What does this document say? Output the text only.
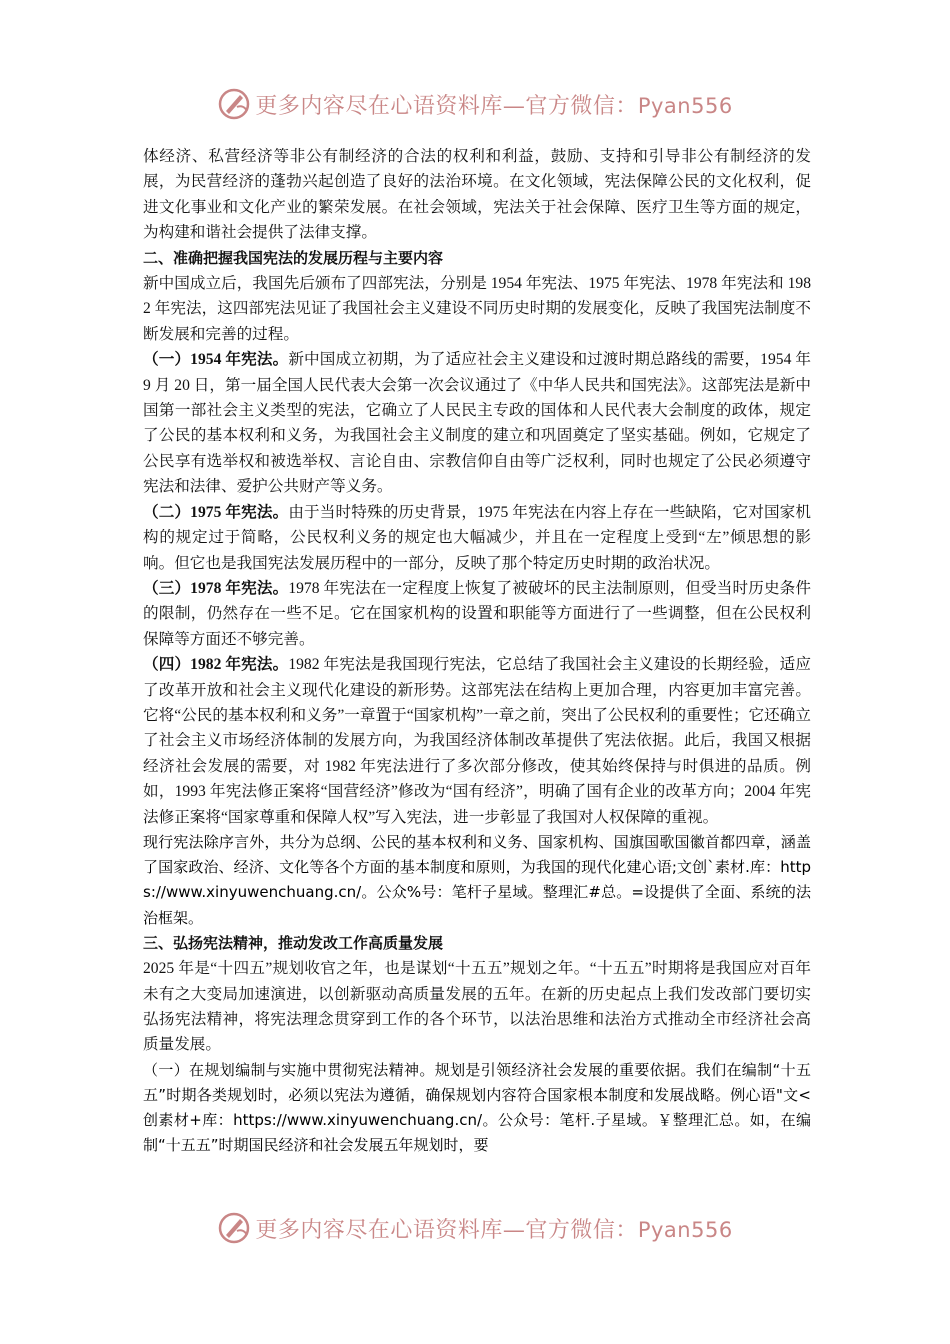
更多内容尽在心语资料库—官方微信：Pyan556

体经济、私营经济等非公有制经济的合法的权利和利益，鼓励、支持和引导非公有制经济的发展，为民营经济的蓬勃兴起创造了良好的法治环境。在文化领域，宪法保障公民的文化权利，促进文化事业和文化产业的繁荣发展。在社会领域，宪法关于社会保障、医疗卫生等方面的规定，为构建和谐社会提供了法律支撑。

二、准确把握我国宪法的发展历程与主要内容

新中国成立后，我国先后颁布了四部宪法，分别是 1954 年宪法、1975 年宪法、1978 年宪法和 1982 年宪法，这四部宪法见证了我国社会主义建设不同历史时期的发展变化，反映了我国宪法制度不断发展和完善的过程。

（一）1954 年宪法。新中国成立初期，为了适应社会主义建设和过渡时期总路线的需要，1954 年 9 月 20 日，第一届全国人民代表大会第一次会议通过了《中华人民共和国宪法》。这部宪法是新中国第一部社会主义类型的宪法，它确立了人民民主专政的国体和人民代表大会制度的政体，规定了公民的基本权利和义务，为我国社会主义制度的建立和巩固奠定了坚实基础。例如，它规定了公民享有选举权和被选举权、言论自由、宗教信仰自由等广泛权利，同时也规定了公民必须遵守宪法和法律、爱护公共财产等义务。

（二）1975 年宪法。由于当时特殊的历史背景，1975 年宪法在内容上存在一些缺陷，它对国家机构的规定过于简略，公民权利义务的规定也大幅减少，并且在一定程度上受到“左”倾思想的影响。但它也是我国宪法发展历程中的一部分，反映了那个特定历史时期的政治状况。

（三）1978 年宪法。1978 年宪法在一定程度上恢复了被破坏的民主法制原则，但受当时历史条件的限制，仍然存在一些不足。它在国家机构的设置和职能等方面进行了一些调整，但在公民权利保障等方面还不够完善。

（四）1982 年宪法。1982 年宪法是我国现行宪法，它总结了我国社会主义建设的长期经验，适应了改革开放和社会主义现代化建设的新形势。这部宪法在结构上更加合理，内容更加丰富完善。它将“公民的基本权利和义务”一章置于“国家机构”一章之前，突出了公民权利的重要性；它还确立了社会主义市场经济体制的发展方向，为我国经济体制改革提供了宪法依据。此后，我国又根据经济社会发展的需要，对 1982 年宪法进行了多次部分修改，使其始终保持与时俱进的品质。例如，1993 年宪法修正案将“国营经济”修改为“国有经济”，明确了国有企业的改革方向；2004 年宪法修正案将“国家尊重和保障人权”写入宪法，进一步彰显了我国对人权保障的重视。

现行宪法除序言外，共分为总纲、公民的基本权利和义务、国家机构、国旗国歌国徽首都四章，涵盖了国家政治、经济、文化等各个方面的基本制度和原则，为我国的现代化建心语;文创`素材.库：https://www.xinyuwenchuang.cn/。公众%号：笔杆子星域。整理汇#总。=设提供了全面、系统的法治框架。

三、弘扬宪法精神，推动发改工作高质量发展

2025 年是“十四五”规划收官之年，也是谋划“十五五”规划之年。“十五五”时期将是我国应对百年未有之大变局加速演进，以创新驱动高质量发展的五年。在新的历史起点上我们发改部门要切实弘扬宪法精神，将宪法理念贯穿到工作的各个环节，以法治思维和法治方式推动全市经济社会高质量发展。

（一）在规划编制与实施中贯彻宪法精神。规划是引领经济社会发展的重要依据。我们在编制“十五五”时期各类规划时，必须以宪法为遵循，确保规划内容符合国家根本制度和发展战略。例心语"文<创素材+库：https://www.xinyuwenchuang.cn/。公众号：笔杆.子星域。￥整理汇总。如，在编制“十五五”时期国民经济和社会发展五年规划时，要

更多内容尽在心语资料库—官方微信：Pyan556
